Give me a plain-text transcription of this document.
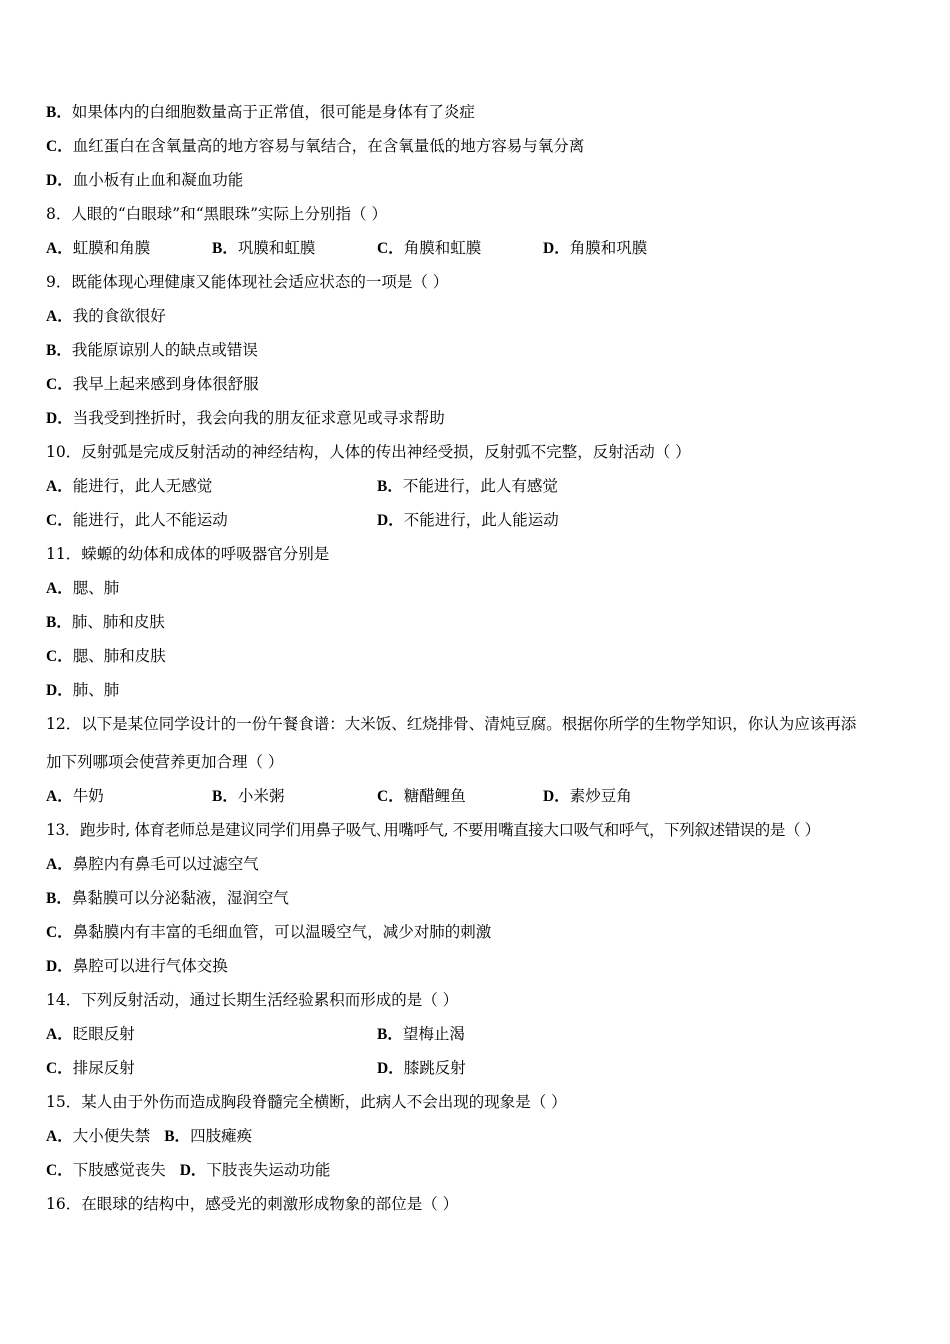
B．如果体内的白细胞数量高于正常值，很可能是身体有了炎症
C．血红蛋白在含氧量高的地方容易与氧结合，在含氧量低的地方容易与氧分离
D．血小板有止血和凝血功能
8．人眼的“白眼球”和“黑眼珠”实际上分别指（ ）
A．虹膜和角膜	B．巩膜和虹膜	C．角膜和虹膜	D．角膜和巩膜
9．既能体现心理健康又能体现社会适应状态的一项是（ ）
A．我的食欲很好
B．我能原谅别人的缺点或错误
C．我早上起来感到身体很舒服
D．当我受到挫折时，我会向我的朋友征求意见或寻求帮助
10．反射弧是完成反射活动的神经结构，人体的传出神经受损，反射弧不完整，反射活动（ ）
A．能进行，此人无感觉	B．不能进行，此人有感觉
C．能进行，此人不能运动	D．不能进行，此人能运动
11．蝾螈的幼体和成体的呼吸器官分别是
A．腮、肺
B．肺、肺和皮肤
C．腮、肺和皮肤
D．肺、肺
12．以下是某位同学设计的一份午餐食谱：大米饭、红烧排骨、清炖豆腐。根据你所学的生物学知识，你认为应该再添
加下列哪项会使营养更加合理（ ）
A．牛奶	B．小米粥	C．糖醋鲤鱼	D．素炒豆角
13．跑步时, 体育老师总是建议同学们用鼻子吸气､用嘴呼气, 不要用嘴直接大口吸气和呼气，下列叙述错误的是（ ）
A．鼻腔内有鼻毛可以过滤空气
B．鼻黏膜可以分泌黏液，湿润空气
C．鼻黏膜内有丰富的毛细血管，可以温暖空气，减少对肺的刺激
D．鼻腔可以进行气体交换
14．下列反射活动，通过长期生活经验累积而形成的是（ ）
A．眨眼反射	B．望梅止渴
C．排尿反射	D．膝跳反射
15．某人由于外伤而造成胸段脊髓完全横断，此病人不会出现的现象是（ ）
A．大小便失禁 B．四肢瘫痪
C．下肢感觉丧失 D．下肢丧失运动功能
16．在眼球的结构中，感受光的刺激形成物象的部位是（ ）
